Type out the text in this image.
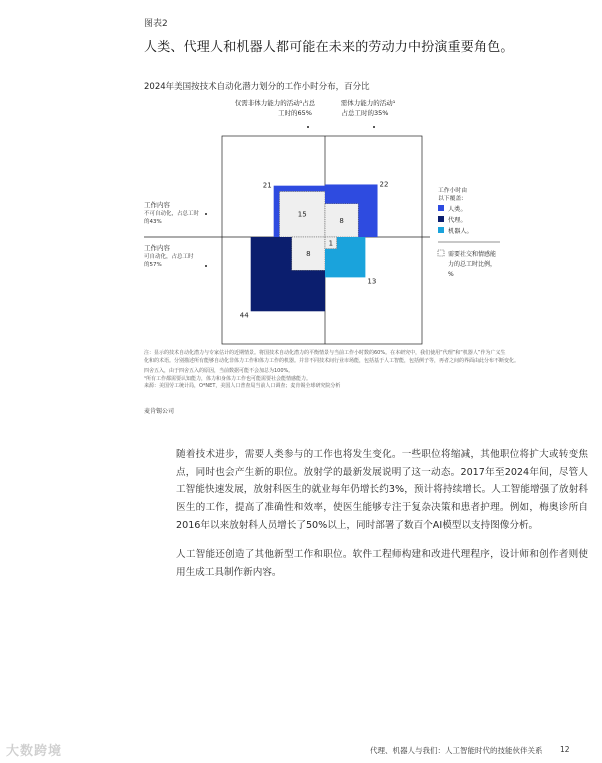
图表2
人类、代理人和机器人都可能在未来的劳动力中扮演重要角色。
2024年美国按技术自动化潜力划分的工作小时分布，百分比
仅需非体力能力的活动¹占总
工时的65%
需体力能力的活动¹
占总工时的35%
工作内容
不可自动化，占总工时
的43%
工作内容
可自动化，占总工时
的57%
15
21
8
22
8
44
1
13
工作小时由
以下覆盖:
人类。
代理。
机器人。
需要社交和情感能
力的总工时比例，
%
注：显示的技术自动化潜力与专家估计的近期情景。将国技术自动化潜力的平衡情景与当前工作小时数的60%。在本研究中，我们使用“代理”和“机器人”作为广义生
化和的术语。分别描述所有能够自动化非体力工作和体力工作的机器。并非不同技术间行业市场能，包括基于人工智能，包括例子等，再者之间的界面由此分布不断变化。
四舍五入，由于四舍五入的原因，当前数据可能不会加总为100%。
¹所有工作都需要认知能力，体力和身体力工作也可能需要社会能情感能力。
来源：美国劳工统计局，O*NET，美国人口普查局当前人口调查；麦肯锡全球研究院分析
麦肯锡公司
随着技术进步，需要人类参与的工作也将发生变化。一些职位将缩减，其他职位将扩大或转变焦点，同时也会产生新的职位。放射学的最新发展说明了这一动态。2017年至2024年间，尽管人工智能快速发展，放射科医生的就业每年仍增长约3%，预计将持续增长。人工智能增强了放射科医生的工作，提高了准确性和效率，使医生能够专注于复杂决策和患者护理。例如，梅奥诊所自2016年以来放射科人员增长了50%以上，同时部署了数百个AI模型以支持图像分析。
人工智能还创造了其他新型工作和职位。软件工程师构建和改进代理程序，设计师和创作者则使用生成工具制作新内容。
大数跨境	代理、机器人与我们：人工智能时代的技能伙伴关系 12
